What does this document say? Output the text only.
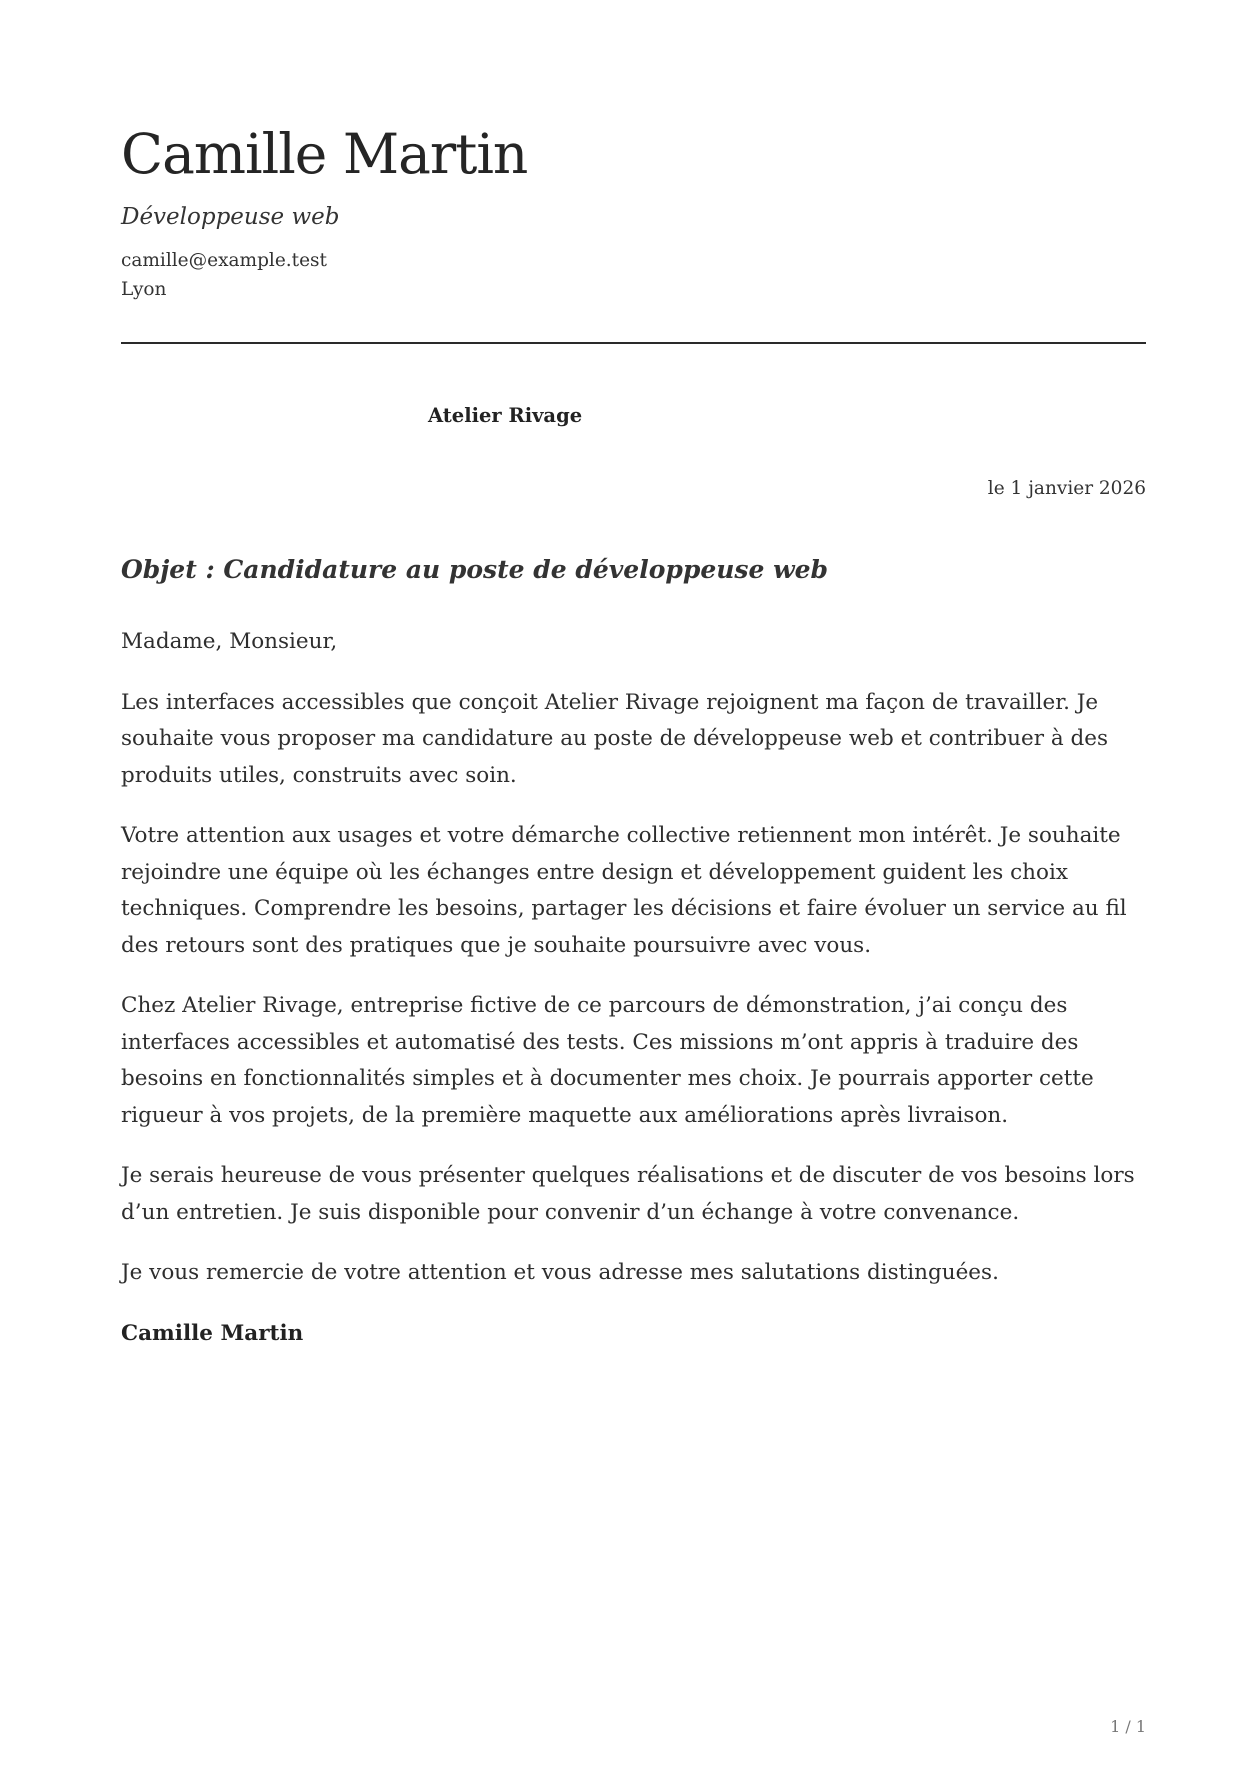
Camille Martin
Développeuse web
camille@example.test
Lyon
Atelier Rivage
le 1 janvier 2026
Objet : Candidature au poste de développeuse web

Madame, Monsieur,

Les interfaces accessibles que conçoit Atelier Rivage rejoignent ma façon de travailler. Je souhaite vous proposer ma candidature au poste de développeuse web et contribuer à des produits utiles, construits avec soin.

Votre attention aux usages et votre démarche collective retiennent mon intérêt. Je souhaite rejoindre une équipe où les échanges entre design et développement guident les choix techniques. Comprendre les besoins, partager les décisions et faire évoluer un service au fil des retours sont des pratiques que je souhaite poursuivre avec vous.

Chez Atelier Rivage, entreprise fictive de ce parcours de démonstration, j’ai conçu des interfaces accessibles et automatisé des tests. Ces missions m’ont appris à traduire des besoins en fonctionnalités simples et à documenter mes choix. Je pourrais apporter cette rigueur à vos projets, de la première maquette aux améliorations après livraison.

Je serais heureuse de vous présenter quelques réalisations et de discuter de vos besoins lors d’un entretien. Je suis disponible pour convenir d’un échange à votre convenance.

Je vous remercie de votre attention et vous adresse mes salutations distinguées.

Camille Martin

1 / 1
